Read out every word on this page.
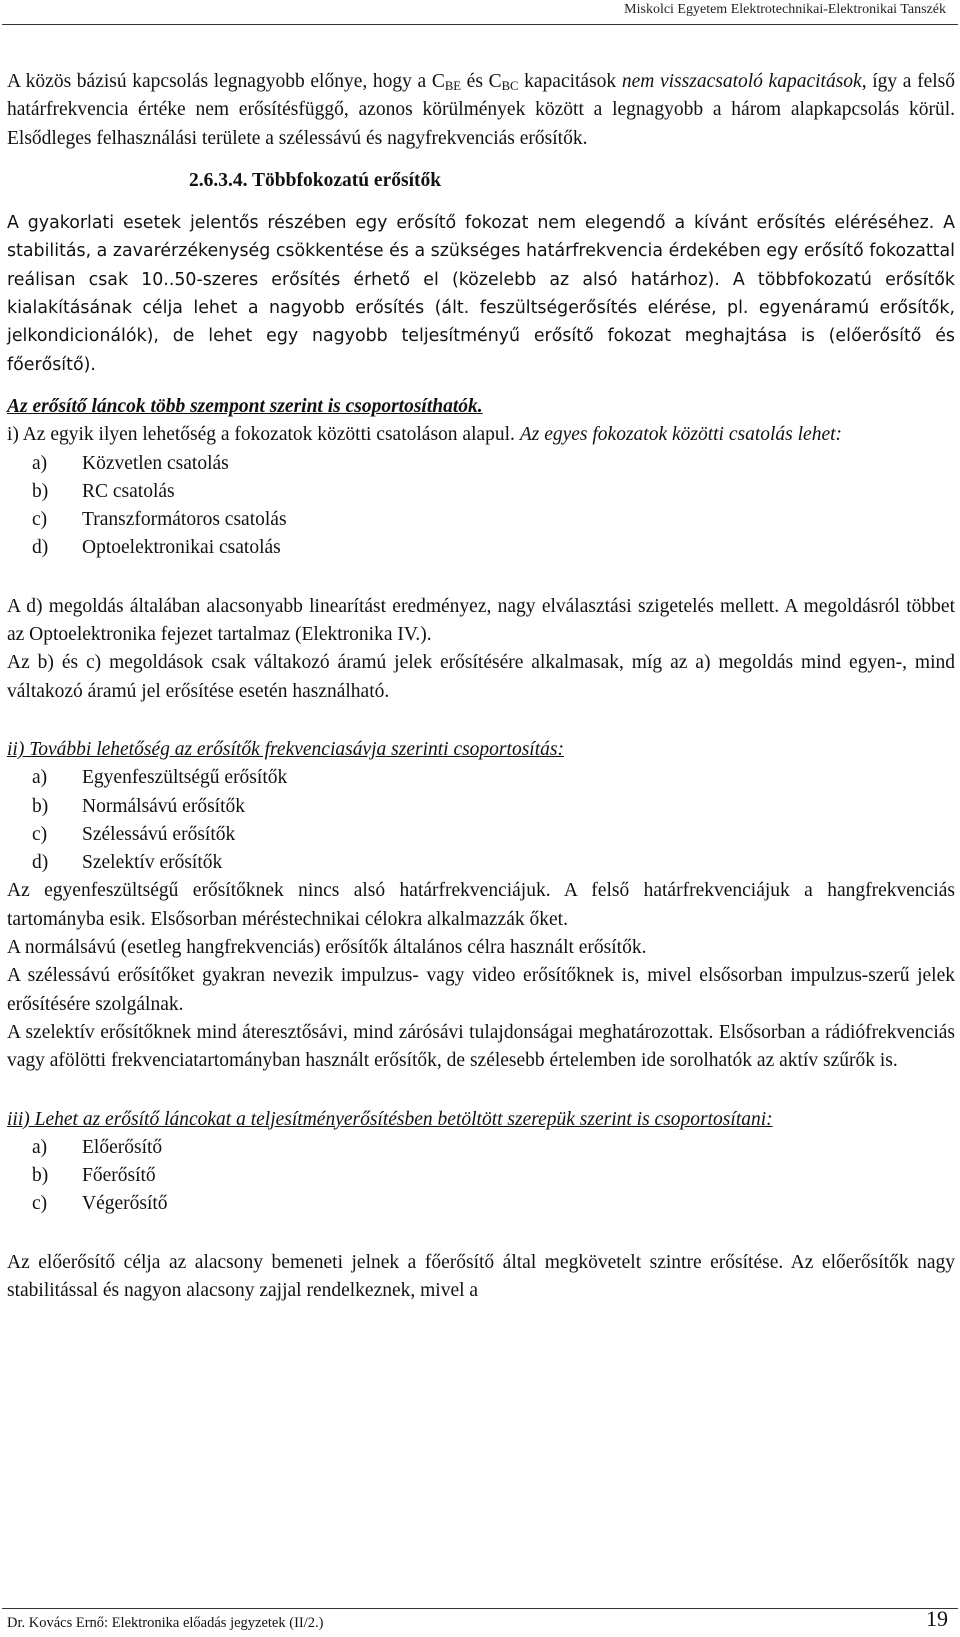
Miskolci Egyetem Elektrotechnikai-Elektronikai Tanszék

A közös bázisú kapcsolás legnagyobb előnye, hogy a $C_{BE}$ és $C_{BC}$ kapacitások nem visszacsatoló kapacitások, így a felső határfrekvencia értéke nem erősítésfüggő, azonos körülmények között a legnagyobb a három alapkapcsolás körül. Elsődleges felhasználási területe a szélessávú és nagyfrekvenciás erősítők.

2.6.3.4. Többfokozatú erősítők

A gyakorlati esetek jelentős részében egy erősítő fokozat nem elegendő a kívánt erősítés eléréséhez. A stabilitás, a zavarérzékenység csökkentése és a szükséges határfrekvencia érdekében egy erősítő fokozattal reálisan csak 10..50-szeres erősítés érhető el (közelebb az alsó határhoz). A többfokozatú erősítők kialakításának célja lehet a nagyobb erősítés (ált. feszültségerősítés elérése, pl. egyenáramú erősítők, jelkondicionálók), de lehet egy nagyobb teljesítményű erősítő fokozat meghajtása is (előerősítő és főerősítő).

Az erősítő láncok több szempont szerint is csoportosíthatók.

i) Az egyik ilyen lehetőség a fokozatok közötti csatoláson alapul. Az egyes fokozatok közötti csatolás lehet:

a) Közvetlen csatolás
b) RC csatolás
c) Transzformátoros csatolás
d) Optoelektronikai csatolás

A d) megoldás általában alacsonyabb linearítást eredményez, nagy elválasztási szigetelés mellett. A megoldásról többet az Optoelektronika fejezet tartalmaz (Elektronika IV.).

Az b) és c) megoldások csak váltakozó áramú jelek erősítésére alkalmasak, míg az a) megoldás mind egyen-, mind váltakozó áramú jel erősítése esetén használható.

ii) További lehetőség az erősítők frekvenciasávja szerinti csoportosítás:

a) Egyenfeszültségű erősítők
b) Normálsávú erősítők
c) Szélessávú erősítők
d) Szelektív erősítők

Az egyenfeszültségű erősítőknek nincs alsó határfrekvenciájuk. A felső határfrekvenciájuk a hangfrekvenciás tartományba esik. Elsősorban méréstechnikai célokra alkalmazzák őket.

A normálsávú (esetleg hangfrekvenciás) erősítők általános célra használt erősítők.

A szélessávú erősítőket gyakran nevezik impulzus- vagy video erősítőknek is, mivel elsősorban impulzus-szerű jelek erősítésére szolgálnak.

A szelektív erősítőknek mind áteresztősávi, mind zárósávi tulajdonságai meghatározottak. Elsősorban a rádiófrekvenciás vagy afölötti frekvenciatartományban használt erősítők, de szélesebb értelemben ide sorolhatók az aktív szűrők is.

iii) Lehet az erősítő láncokat a teljesítményerősítésben betöltött szerepük szerint is csoportosítani:

a) Előerősítő
b) Főerősítő
c) Végerősítő

Az előerősítő célja az alacsony bemeneti jelnek a főerősítő által megkövetelt szintre erősítése. Az előerősítők nagy stabilitással és nagyon alacsony zajjal rendelkeznek, mivel a

Dr. Kovács Ernő: Elektronika előadás jegyzetek (II/2.)	19
